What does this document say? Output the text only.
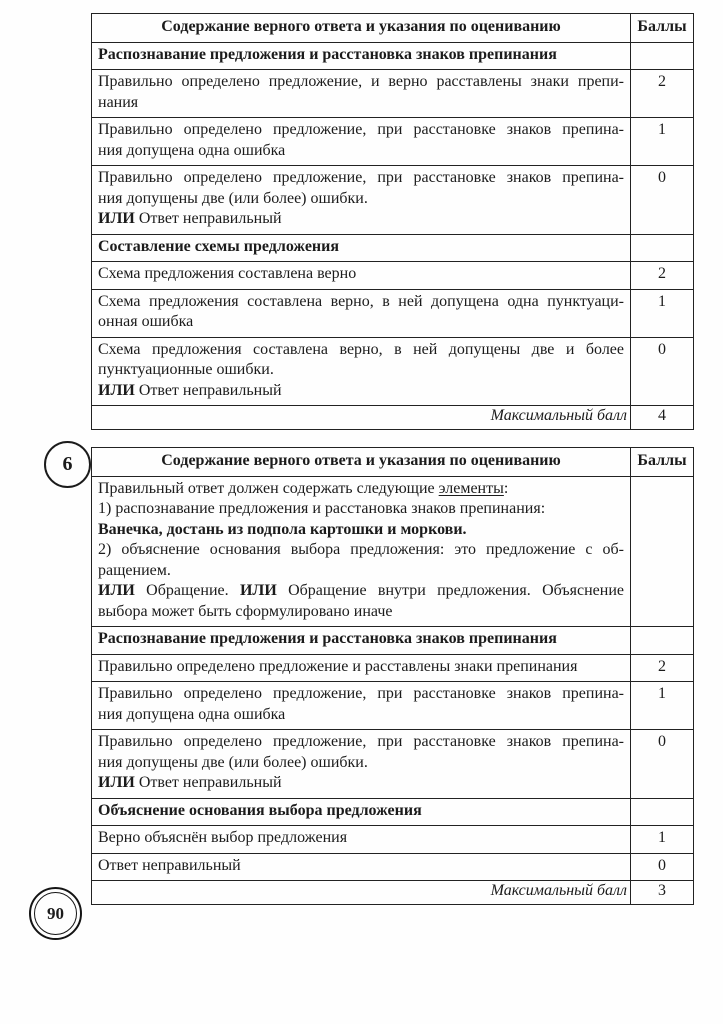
Содержание верного ответа и указания по оцениванию	Баллы

Распознавание предложения и расстановка знаков препинания	

Правильно определено предложение, и верно расставлены знаки препи-
нания	2

Правильно определено предложение, при расстановке знаков препина-
ния допущена одна ошибка	1

Правильно определено предложение, при расстановке знаков препина-
ния допущены две (или более) ошибки.
ИЛИ Ответ неправильный	0

Составление схемы предложения	

Схема предложения составлена верно	2

Схема предложения составлена верно, в ней допущена одна пунктуаци-
онная ошибка	1

Схема предложения составлена верно, в ней допущены две и более
пунктуационные ошибки.
ИЛИ Ответ неправильный	0

Максимальный балл	4
6	Содержание верного ответа и указания по оцениванию	Баллы

Правильный ответ должен содержать следующие элементы:
1) распознавание предложения и расстановка знаков препинания:
Ванечка, достань из подпола картошки и моркови.
2) объяснение основания выбора предложения: это предложение с об-
ращением.
ИЛИ Обращение. ИЛИ Обращение внутри предложения. Объяснение
выбора может быть сформулировано иначе

Распознавание предложения и расстановка знаков препинания	

Правильно определено предложение и расставлены знаки препинания	2

Правильно определено предложение, при расстановке знаков препина-
ния допущена одна ошибка	1

Правильно определено предложение, при расстановке знаков препина-
ния допущены две (или более) ошибки.
ИЛИ Ответ неправильный	0

Объяснение основания выбора предложения	

Верно объяснён выбор предложения	1

Ответ неправильный	0

Максимальный балл	3
90
